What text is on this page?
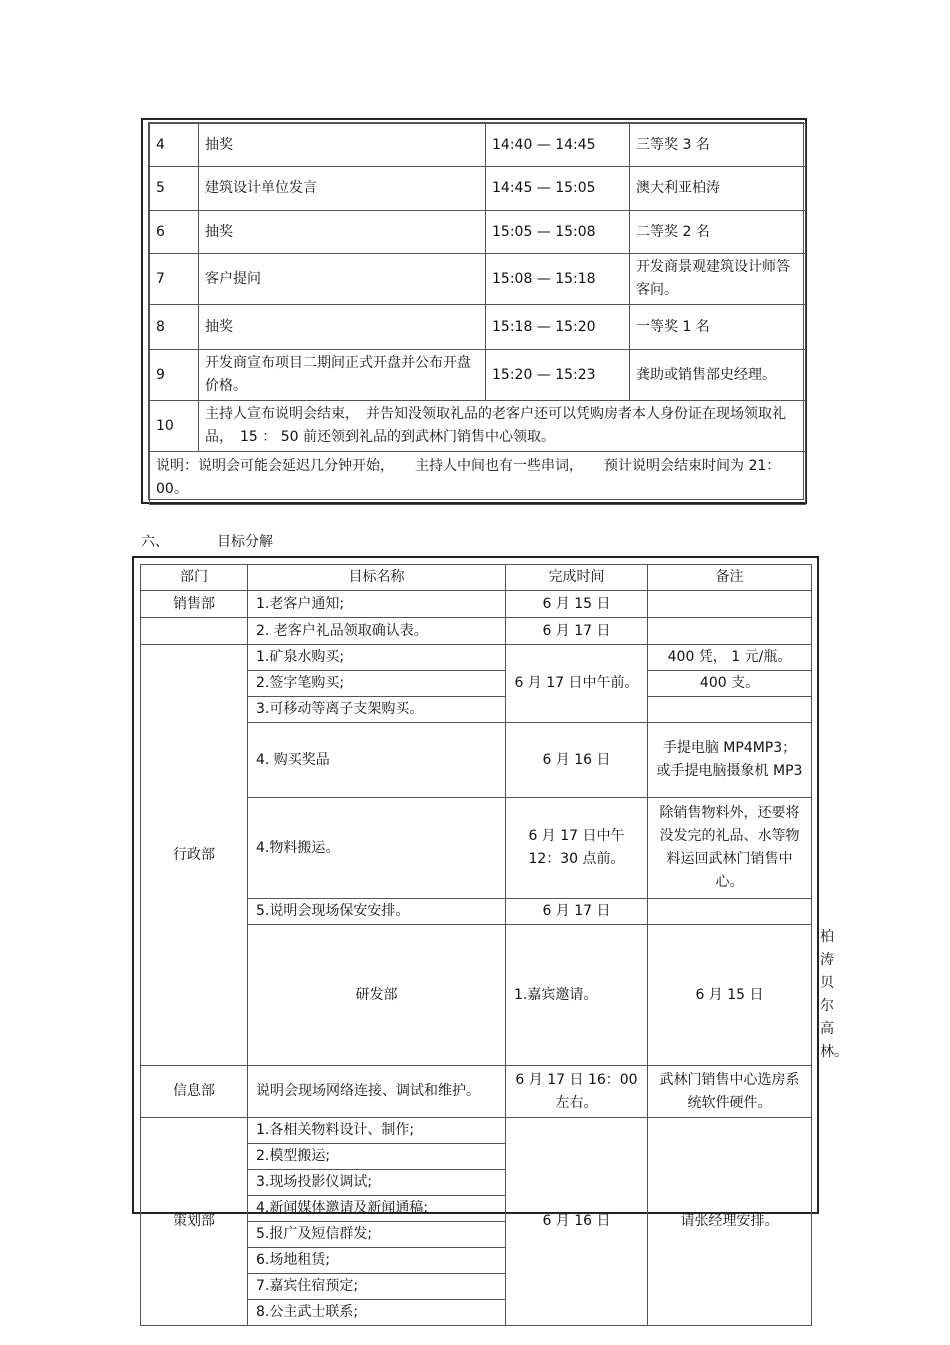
4	抽奖	14:40 — 14:45	三等奖 3 名
5	建筑设计单位发言	14:45 — 15:05	澳大利亚柏涛
6	抽奖	15:05 — 15:08	二等奖 2 名
7	客户提问	15:08 — 15:18	开发商景观建筑设计师答客问。
8	抽奖	15:18 — 15:20	一等奖 1 名
9	开发商宣布项目二期间正式开盘并公布开盘价格。	15:20 — 15:23	龚助或销售部史经理。
10	主持人宣布说明会结束，　并告知没领取礼品的老客户还可以凭购房者本人身份证在现场领取礼品，　15 ： 50 前还领到礼品的到武林门销售中心领取。		
说明：说明会可能会延迟几分钟开始，　　主持人中间也有一些串词，　　预计说明会结束时间为 21：00。			
六、	目标分解
部门	目标名称	完成时间	备注	
销售部	1.老客户通知;	6 月 15 日		
	2. 老客户礼品领取确认表。	6 月 17 日		
行政部	1.矿泉水购买;	6 月 17 日中午前。	400 凭， 1 元/瓶。	
	2.签字笔购买;		400 支。	
	3.可移动等离子支架购买。			
	4. 购买奖品	6 月 16 日	手提电脑 MP4MP3；或手提电脑摄象机 MP3	
	4.物料搬运。	6 月 17 日中午 12：30 点前。	除销售物料外，还要将没发完的礼品、水等物料运回武林门销售中心。	
	5.说明会现场保安安排。	6 月 17 日		
	研发部	1.嘉宾邀请。	6 月 15 日	柏涛贝尔高林。
信息部	说明会现场网络连接、调试和维护。	6 月 17 日 16：00 左右。	武林门销售中心选房系统软件硬件。	
策划部	1.各相关物料设计、制作;	6 月 16 日	请张经理安排。	
	2.模型搬运;			
	3.现场投影仪调试;			
	4.新闻媒体邀请及新闻通稿;			
	5.报广及短信群发;			
	6.场地租赁;			
	7.嘉宾住宿预定;			
	8.公主武士联系;			
